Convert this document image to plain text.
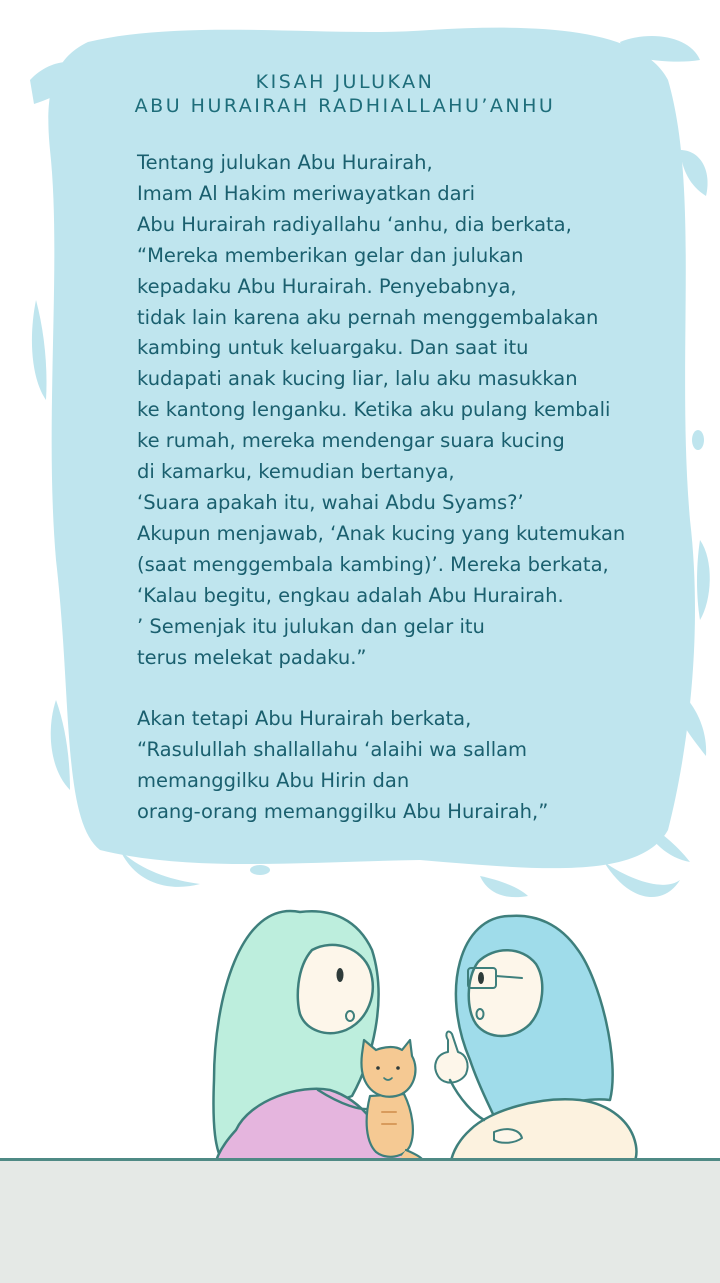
KISAH JULUKAN
ABU HURAIRAH RADHIALLAHU’ANHU
Tentang julukan Abu Hurairah,
Imam Al Hakim meriwayatkan dari
Abu Hurairah radiyallahu ‘anhu, dia berkata,
“Mereka memberikan gelar dan julukan
kepadaku Abu Hurairah. Penyebabnya,
tidak lain karena aku pernah menggembalakan
kambing untuk keluargaku. Dan saat itu
kudapati anak kucing liar, lalu aku masukkan
ke kantong lenganku. Ketika aku pulang kembali
ke rumah, mereka mendengar suara kucing
di kamarku, kemudian bertanya,
‘Suara apakah itu, wahai Abdu Syams?’
Akupun menjawab, ‘Anak kucing yang kutemukan
(saat menggembala kambing)’. Mereka berkata,
‘Kalau begitu, engkau adalah Abu Hurairah.
’ Semenjak itu julukan dan gelar itu
terus melekat padaku.”
Akan tetapi Abu Hurairah berkata,
“Rasulullah shallallahu ‘alaihi wa sallam
memanggilku Abu Hirin dan
orang-orang memanggilku Abu Hurairah,”
